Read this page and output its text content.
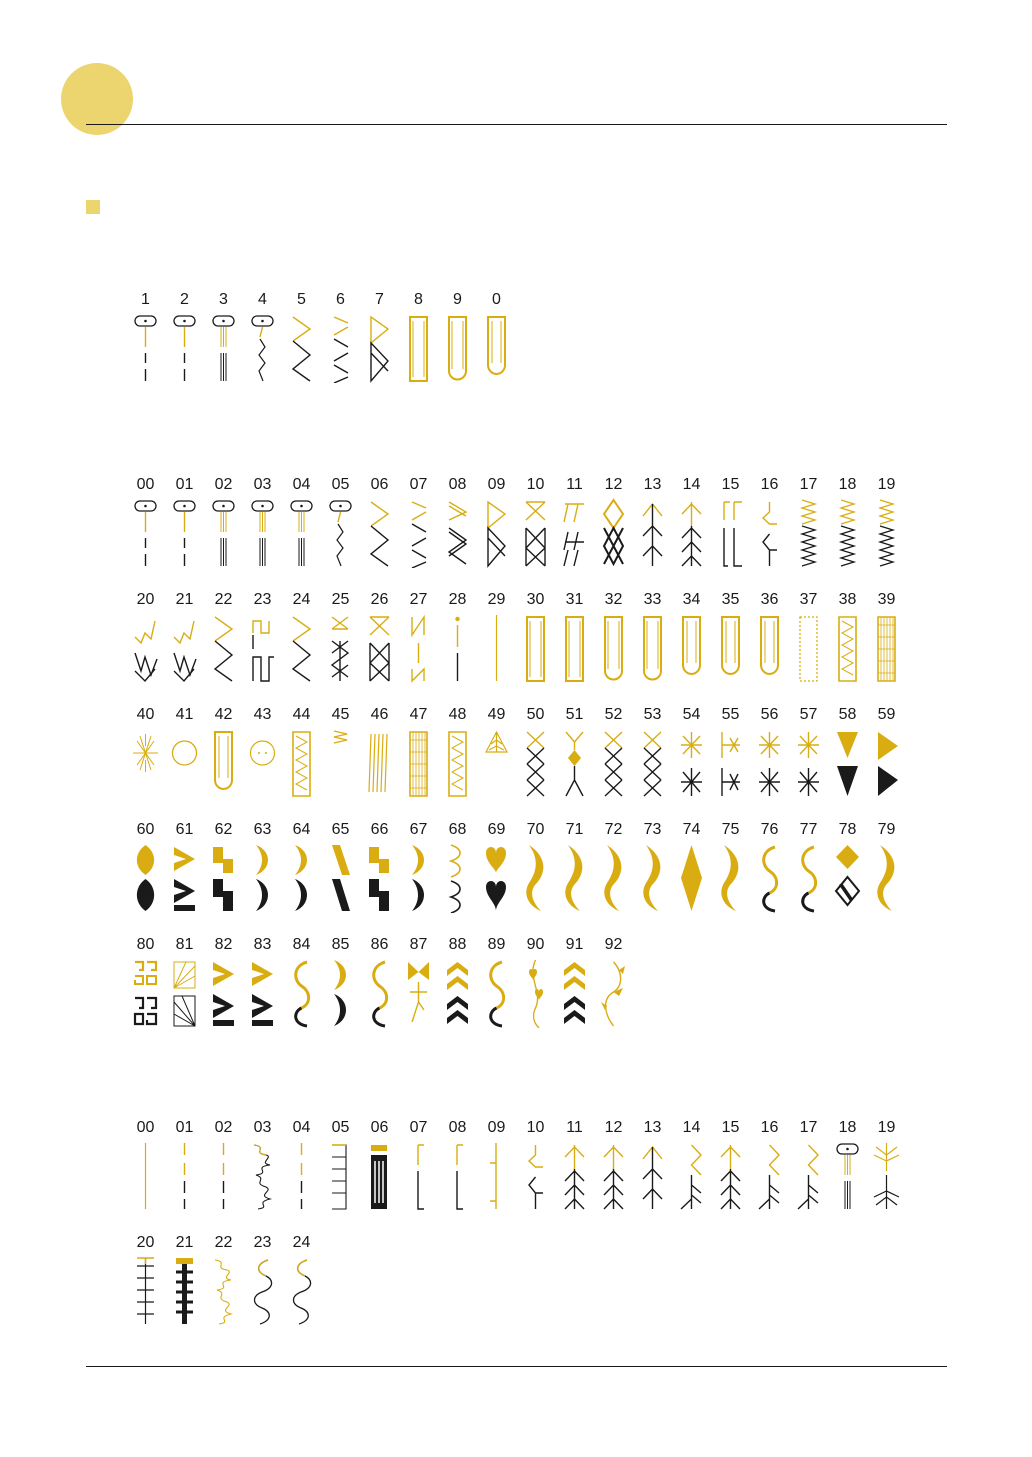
1	2	3	4	5	6	7	8	9	0
00	01	02	03	04	05	06	07	08	09	10	11	12	13	14	15	16	17	18	19
20	21	22	23	24	25	26	27	28	29	30	31	32	33	34	35	36	37	38	39
40	41	42	43	44	45	46	47	48	49	50	51	52	53	54	55	56	57	58	59
60	61	62	63	64	65	66	67	68	69	70	71	72	73	74	75	76	77	78	79
80	81	82	83	84	85	86	87	88	89	90	91	92
00	01	02	03	04	05	06	07	08	09	10	11	12	13	14	15	16	17	18	19
20	21	22	23	24
